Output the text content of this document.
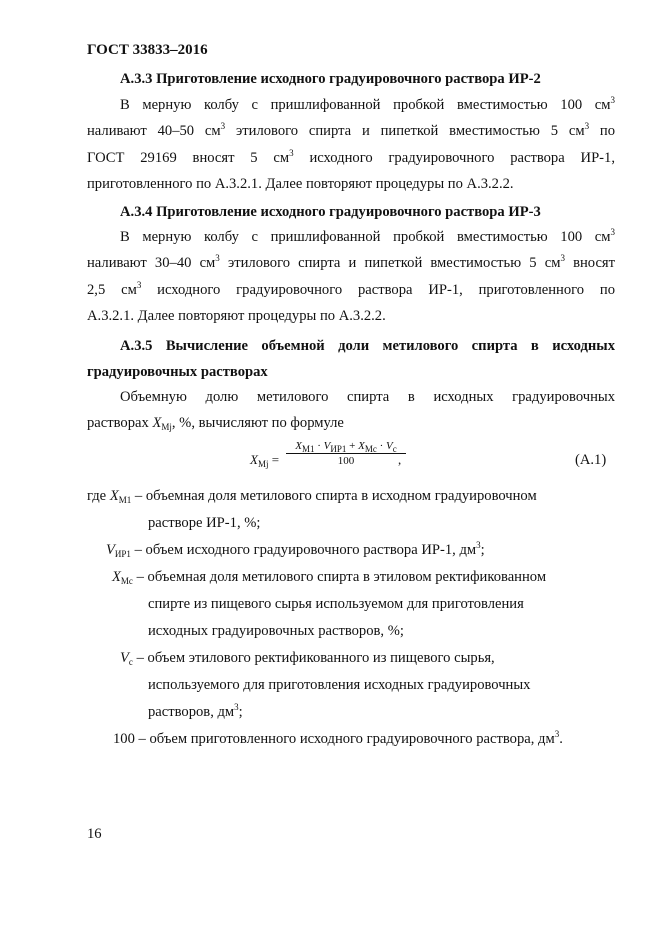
ГОСТ 33833–2016
А.3.3 Приготовление исходного градуировочного раствора ИР-2

В мерную колбу с пришлифованной пробкой вместимостью 100 $см^3$
наливают 40–50 $см^3$ этилового спирта и пипеткой вместимостью 5 $см^3$ по
ГОСТ 29169 вносят 5 $см^3$ исходного градуировочного раствора ИР-1,
приготовленного по А.3.2.1. Далее повторяют процедуры по А.3.2.2.

А.3.4 Приготовление исходного градуировочного раствора ИР-3

В мерную колбу с пришлифованной пробкой вместимостью 100 $см^3$
наливают 30–40 $см^3$ этилового спирта и пипеткой вместимостью 5 $см^3$ вносят
2,5 $см^3$ исходного градуировочного раствора ИР-1, приготовленного по
А.3.2.1. Далее повторяют процедуры по А.3.2.2.

А.3.5 Вычисление объемной доли метилового спирта в исходных градуировочных растворах

Объемную долю метилового спирта в исходных градуировочных
растворах $X_{Mj}$, %, вычисляют по формуле

$X_{Mj}$ =
$X_{M1} \cdot V_{ИР1} + X_{Mc} \cdot V_c$
100	,	(А.1)
где $X_{M1}$ – объемная доля метилового спирта в исходном градуировочном
растворе ИР-1, %;
$V_{ИР1}$ – объем исходного градуировочного раствора ИР-1, $дм^3$;
$X_{Mc}$ – объемная доля метилового спирта в этиловом ректификованном
спирте из пищевого сырья используемом для приготовления
исходных градуировочных растворов, %;
$V_c$ – объем этилового ректификованного из пищевого сырья,
используемого для приготовления исходных градуировочных
растворов, $дм^3$;
100 – объем приготовленного исходного градуировочного раствора, $дм^3$.
16
